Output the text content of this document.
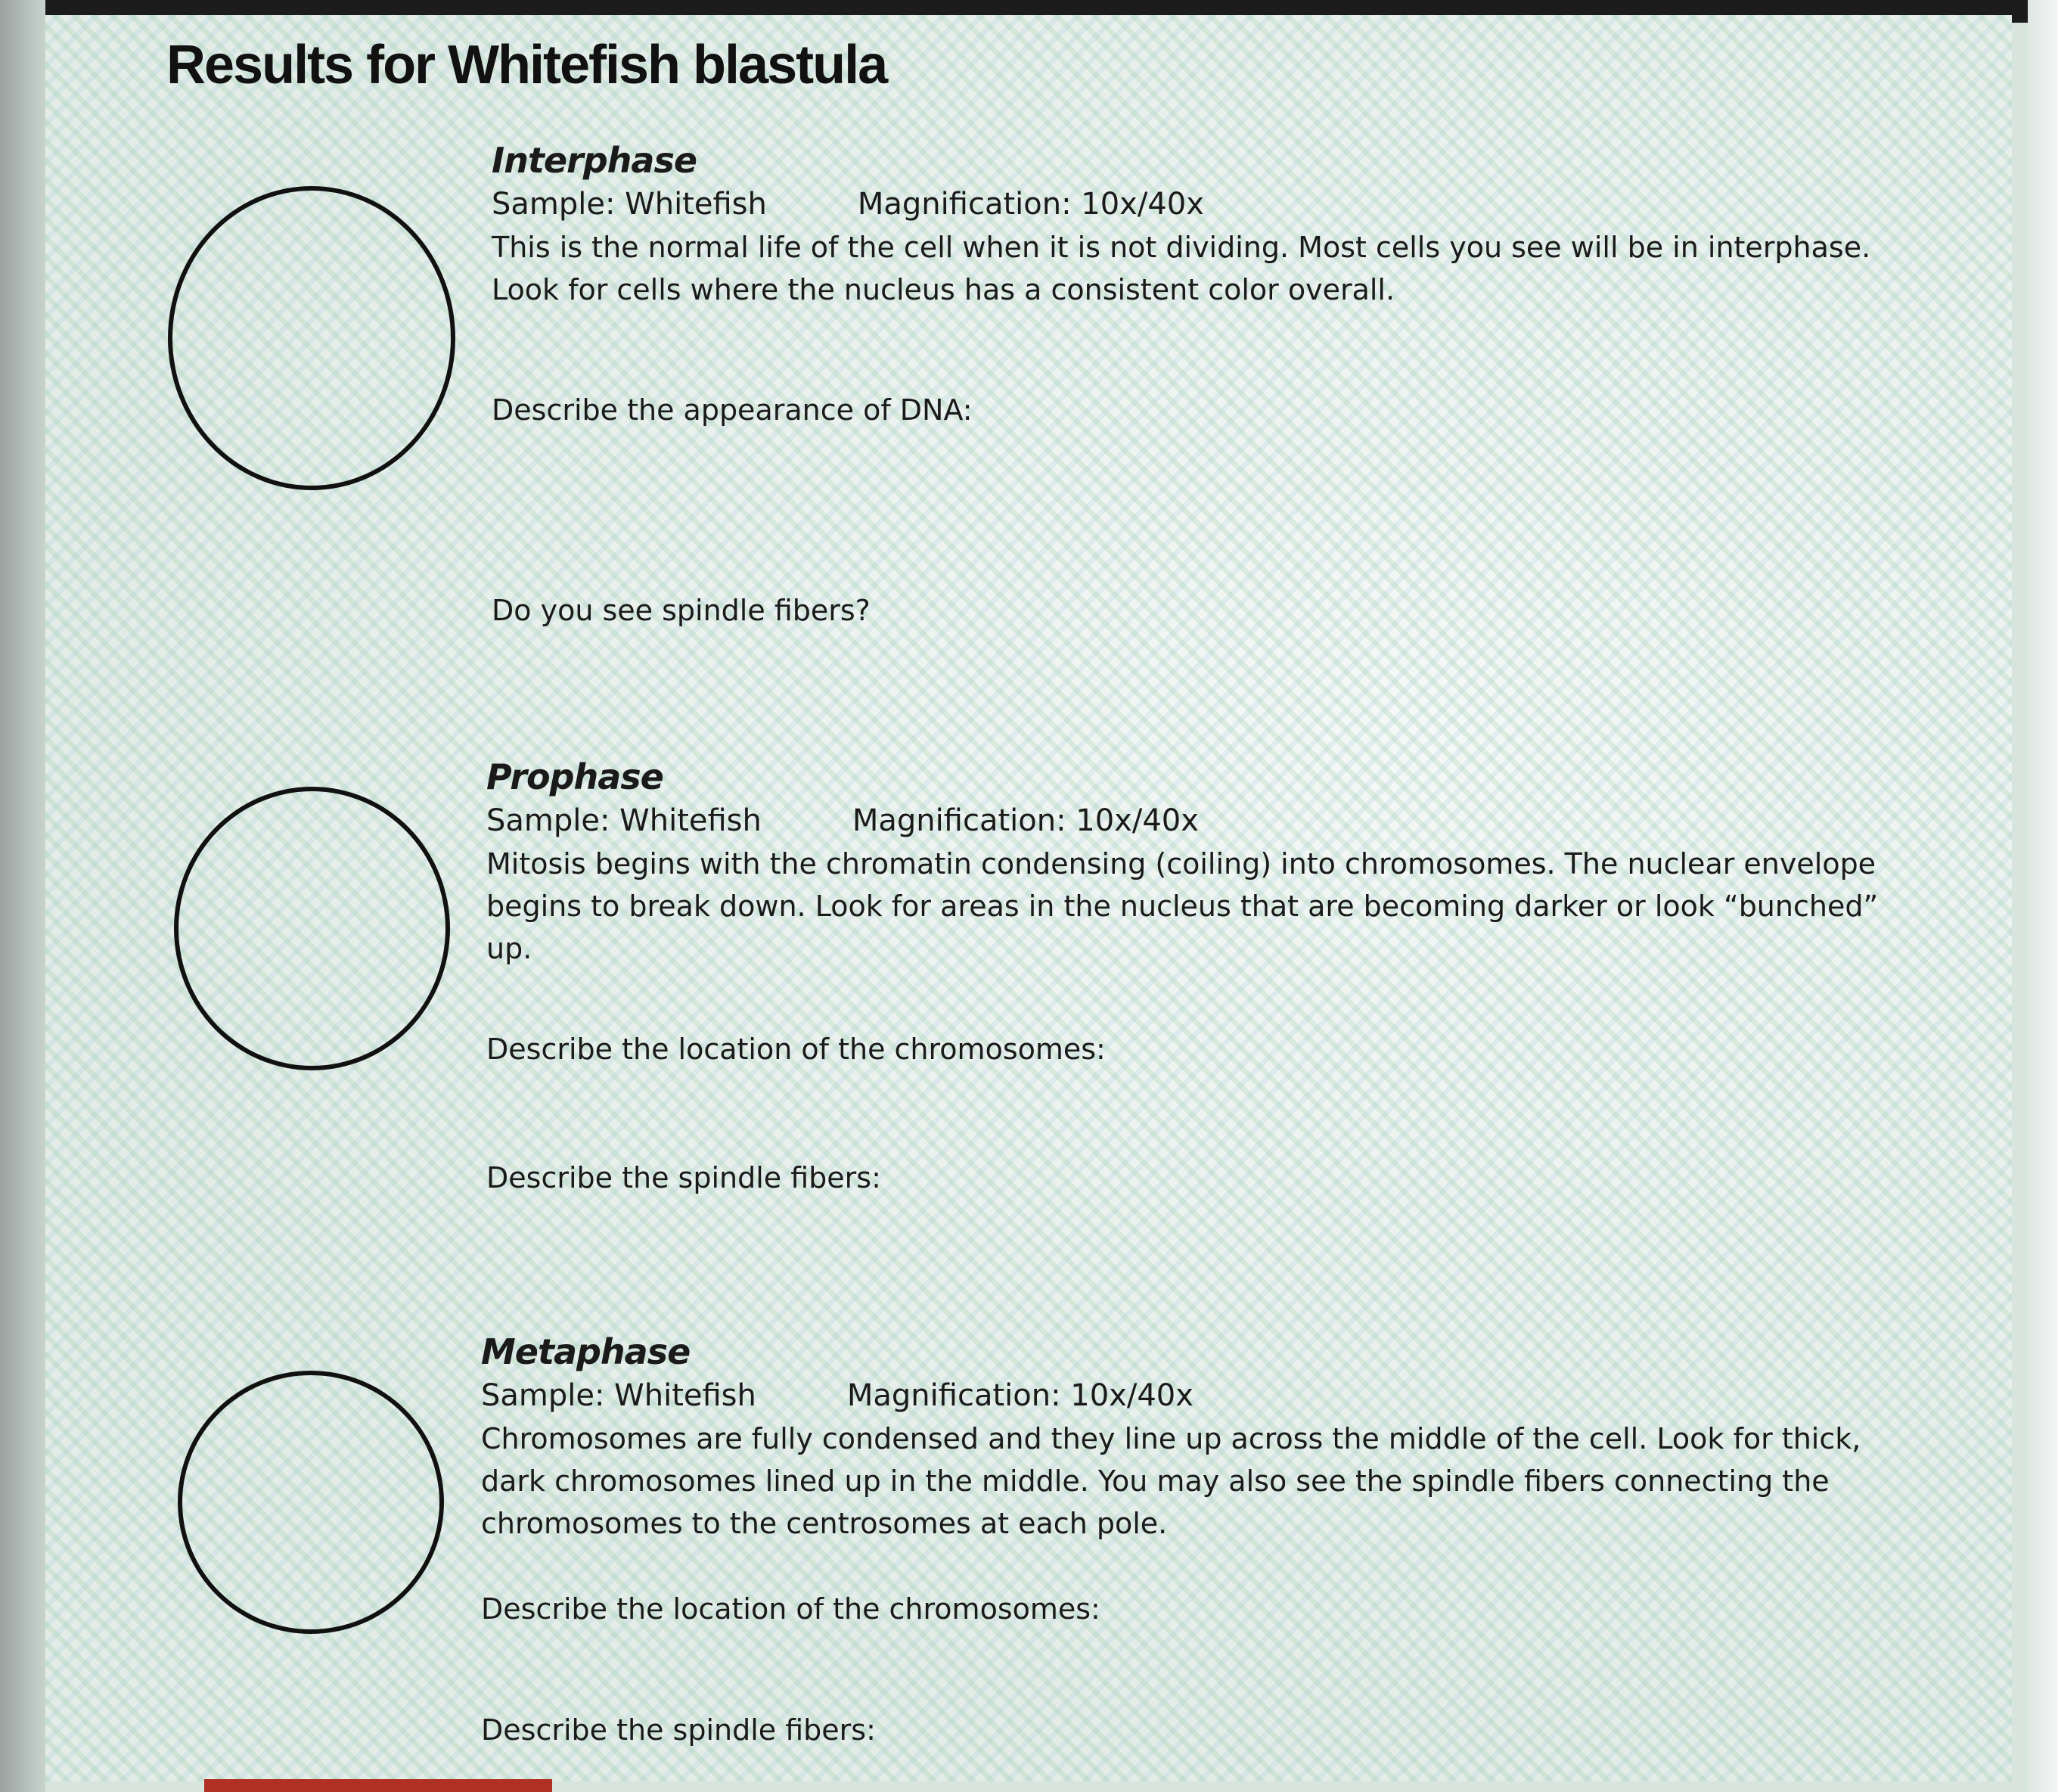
Results for Whitefish blastula

Interphase

Sample: Whitefish	Magnification: 10x/40x

This is the normal life of the cell when it is not dividing. Most cells you see will be in interphase. Look for cells where the nucleus has a consistent color overall.

Describe the appearance of DNA:

Do you see spindle fibers?

Prophase

Sample: Whitefish	Magnification: 10x/40x

Mitosis begins with the chromatin condensing (coiling) into chromosomes. The nuclear envelope begins to break down. Look for areas in the nucleus that are becoming darker or look “bunched” up.

Describe the location of the chromosomes:

Describe the spindle fibers:

Metaphase

Sample: Whitefish	Magnification: 10x/40x

Chromosomes are fully condensed and they line up across the middle of the cell. Look for thick, dark chromosomes lined up in the middle. You may also see the spindle fibers connecting the chromosomes to the centrosomes at each pole.

Describe the location of the chromosomes:

Describe the spindle fibers:
